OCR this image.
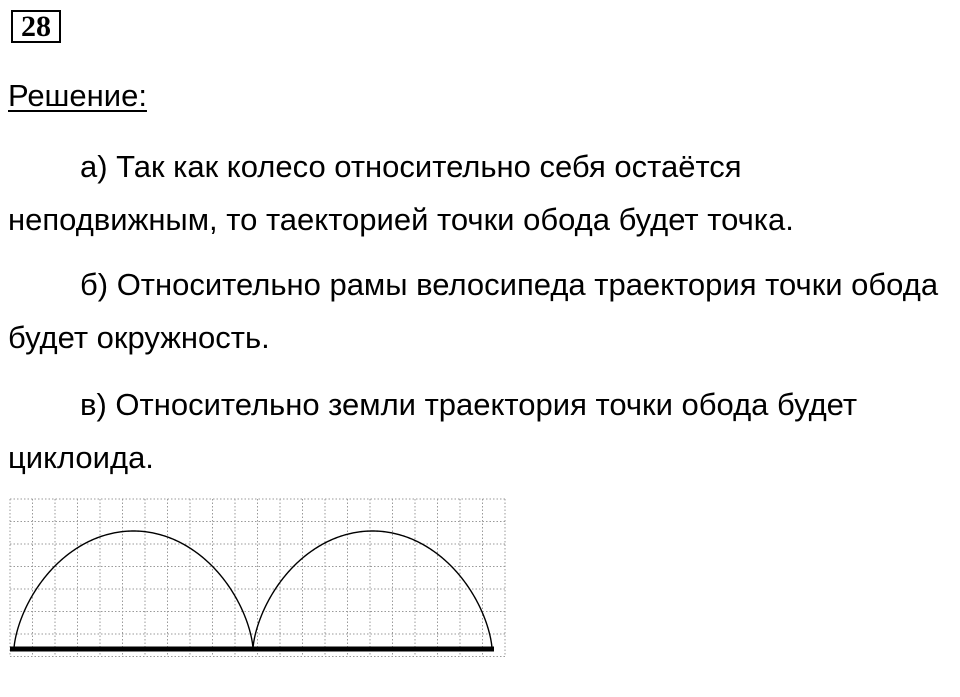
28
Решение:

а) Так как колесо относительно себя остаётся неподвижным, то таекторией точки обода будет точка.

б) Относительно рамы велосипеда траектория точки обода будет окружность.

в) Относительно земли траектория точки обода будет циклоида.
